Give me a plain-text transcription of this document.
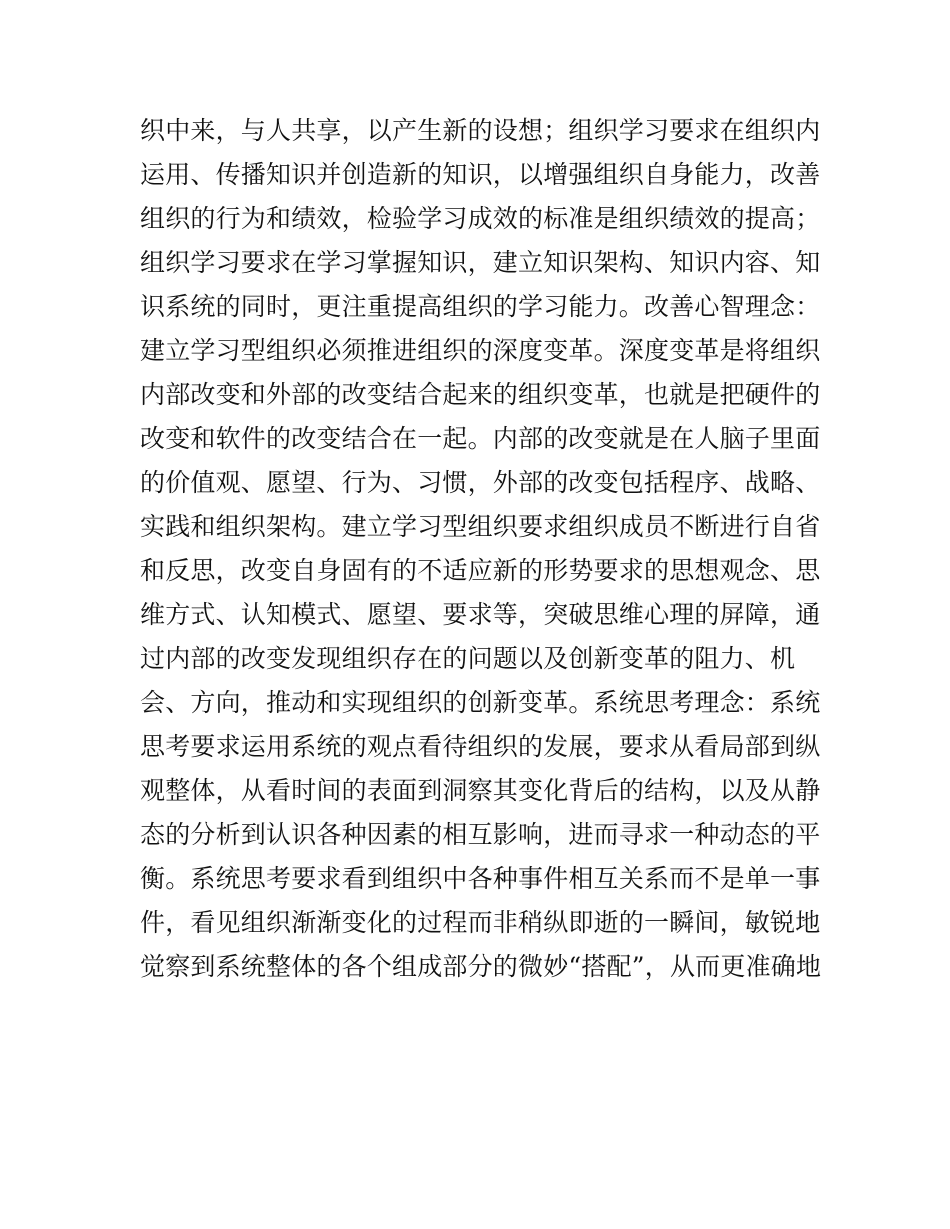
织中来，与人共享，以产生新的设想；组织学习要求在组织内
运用、传播知识并创造新的知识，以增强组织自身能力，改善
组织的行为和绩效，检验学习成效的标准是组织绩效的提高；
组织学习要求在学习掌握知识，建立知识架构、知识内容、知
识系统的同时，更注重提高组织的学习能力。改善心智理念：
建立学习型组织必须推进组织的深度变革。深度变革是将组织
内部改变和外部的改变结合起来的组织变革，也就是把硬件的
改变和软件的改变结合在一起。内部的改变就是在人脑子里面
的价值观、愿望、行为、习惯，外部的改变包括程序、战略、
实践和组织架构。建立学习型组织要求组织成员不断进行自省
和反思，改变自身固有的不适应新的形势要求的思想观念、思
维方式、认知模式、愿望、要求等，突破思维心理的屏障，通
过内部的改变发现组织存在的问题以及创新变革的阻力、机
会、方向，推动和实现组织的创新变革。系统思考理念：系统
思考要求运用系统的观点看待组织的发展，要求从看局部到纵
观整体，从看时间的表面到洞察其变化背后的结构，以及从静
态的分析到认识各种因素的相互影响，进而寻求一种动态的平
衡。系统思考要求看到组织中各种事件相互关系而不是单一事
件，看见组织渐渐变化的过程而非稍纵即逝的一瞬间，敏锐地
觉察到系统整体的各个组成部分的微妙“搭配”，从而更准确地
